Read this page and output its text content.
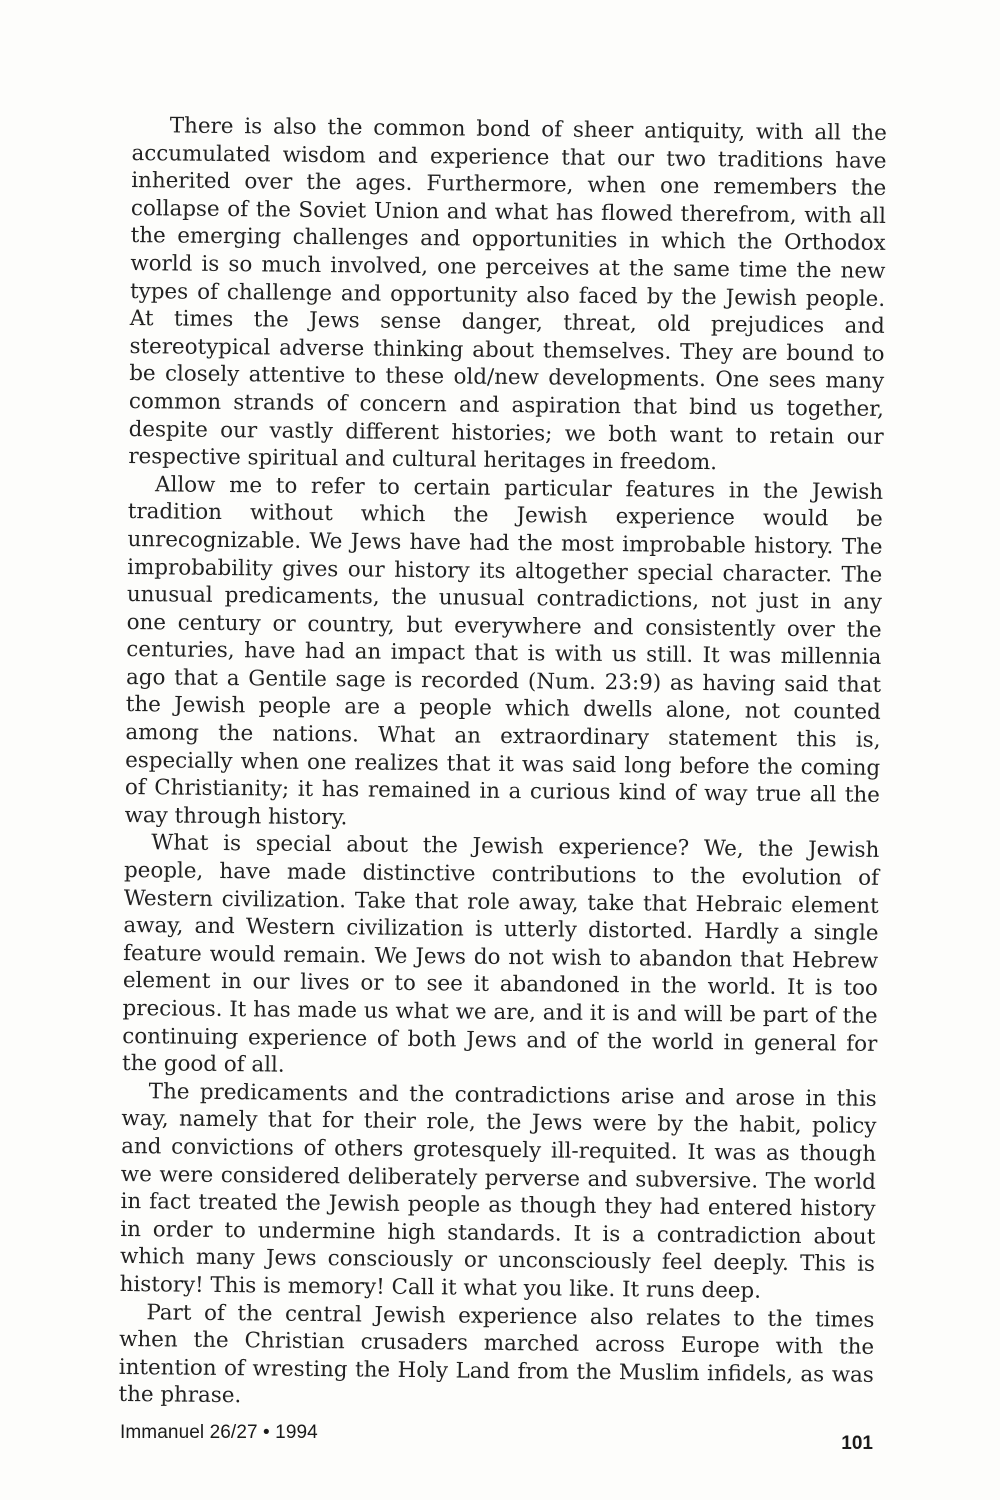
There is also the common bond of sheer antiquity, with all the accumulated wisdom and experience that our two traditions have inherited over the ages. Furthermore, when one remembers the collapse of the Soviet Union and what has flowed therefrom, with all the emerging challenges and opportunities in which the Orthodox world is so much involved, one perceives at the same time the new types of challenge and opportunity also faced by the Jewish people. At times the Jews sense danger, threat, old prejudices and stereotypical adverse thinking about themselves. They are bound to be closely attentive to these old/new developments. One sees many common strands of concern and aspiration that bind us together, despite our vastly different histories; we both want to retain our respective spiritual and cultural heritages in freedom.

Allow me to refer to certain particular features in the Jewish tradition without which the Jewish experience would be unrecognizable. We Jews have had the most improbable history. The improbability gives our history its altogether special character. The unusual predicaments, the unusual contradictions, not just in any one century or country, but everywhere and consistently over the centuries, have had an impact that is with us still. It was millennia ago that a Gentile sage is recorded (Num. 23:9) as having said that the Jewish people are a people which dwells alone, not counted among the nations. What an extraordinary statement this is, especially when one realizes that it was said long before the coming of Christianity; it has remained in a curious kind of way true all the way through history.

What is special about the Jewish experience? We, the Jewish people, have made distinctive contributions to the evolution of Western civilization. Take that role away, take that Hebraic element away, and Western civilization is utterly distorted. Hardly a single feature would remain. We Jews do not wish to abandon that Hebrew element in our lives or to see it abandoned in the world. It is too precious. It has made us what we are, and it is and will be part of the continuing experience of both Jews and of the world in general for the good of all.

The predicaments and the contradictions arise and arose in this way, namely that for their role, the Jews were by the habit, policy and convictions of others grotesquely ill-requited. It was as though we were considered deliberately perverse and subversive. The world in fact treated the Jewish people as though they had entered history in order to undermine high standards. It is a contradiction about which many Jews consciously or unconsciously feel deeply. This is history! This is memory! Call it what you like. It runs deep.

Part of the central Jewish experience also relates to the times when the Christian crusaders marched across Europe with the intention of wresting the Holy Land from the Muslim infidels, as was the phrase.

Immanuel 26/27 • 1994
101
